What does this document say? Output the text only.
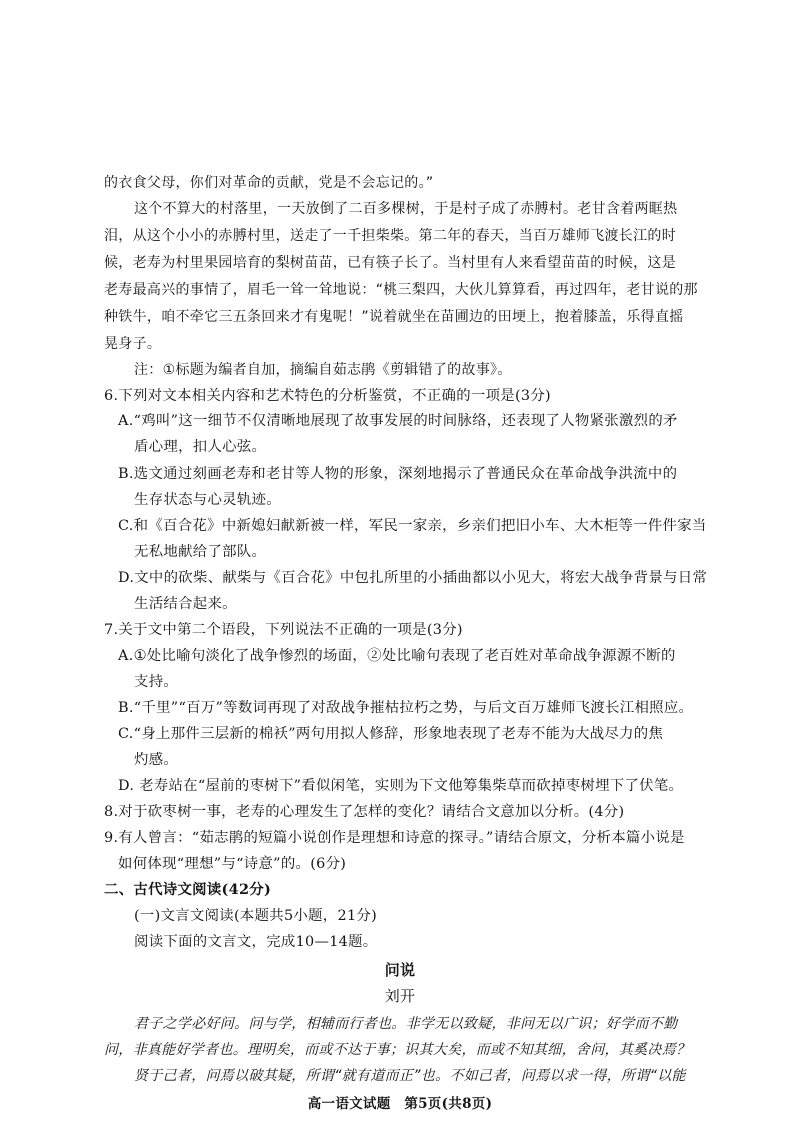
的衣食父母，你们对革命的贡献，党是不会忘记的。”

这个不算大的村落里，一天放倒了二百多棵树，于是村子成了赤膊村。老甘含着两眶热

泪，从这个小小的赤膊村里，送走了一千担柴柴。第二年的春天，当百万雄师飞渡长江的时

候，老寿为村里果园培育的梨树苗苗，已有筷子长了。当村里有人来看望苗苗的时候，这是

老寿最高兴的事情了，眉毛一耸一耸地说：“桃三梨四，大伙儿算算看，再过四年，老甘说的那

种铁牛，咱不牵它三五条回来才有鬼呢！”说着就坐在苗圃边的田埂上，抱着膝盖，乐得直摇

晃身子。

注：①标题为编者自加，摘编自茹志鹃《剪辑错了的故事》。

6.下列对文本相关内容和艺术特色的分析鉴赏，不正确的一项是(3分)

A.“鸡叫”这一细节不仅清晰地展现了故事发展的时间脉络，还表现了人物紧张激烈的矛

盾心理，扣人心弦。

B.选文通过刻画老寿和老甘等人物的形象，深刻地揭示了普通民众在革命战争洪流中的

生存状态与心灵轨迹。

C.和《百合花》中新媳妇献新被一样，军民一家亲，乡亲们把旧小车、大木柜等一件件家当

无私地献给了部队。

D.文中的砍柴、献柴与《百合花》中包扎所里的小插曲都以小见大，将宏大战争背景与日常

生活结合起来。

7.关于文中第二个语段，下列说法不正确的一项是(3分)

A.①处比喻句淡化了战争惨烈的场面，②处比喻句表现了老百姓对革命战争源源不断的

支持。

B.“千里”“百万”等数词再现了对敌战争摧枯拉朽之势，与后文百万雄师飞渡长江相照应。

C.“身上那件三层新的棉袄”两句用拟人修辞，形象地表现了老寿不能为大战尽力的焦

灼感。

D. 老寿站在“屋前的枣树下”看似闲笔，实则为下文他筹集柴草而砍掉枣树埋下了伏笔。

8.对于砍枣树一事，老寿的心理发生了怎样的变化？请结合文意加以分析。(4分)

9.有人曾言：“茹志鹃的短篇小说创作是理想和诗意的探寻。”请结合原文，分析本篇小说是

如何体现“理想”与“诗意”的。(6分)

二、古代诗文阅读(42分)

(一)文言文阅读(本题共5小题，21分)

阅读下面的文言文，完成10—14题。

问说

刘开

君子之学必好问。问与学，相辅而行者也。非学无以致疑，非问无以广识；好学而不勤

问，非真能好学者也。理明矣，而或不达于事；识其大矣，而或不知其细，舍问，其奚决焉？

贤于己者，问焉以破其疑，所谓“就有道而正”也。不如己者，问焉以求一得，所谓“以能

高一语文试题　第5页(共8页)
